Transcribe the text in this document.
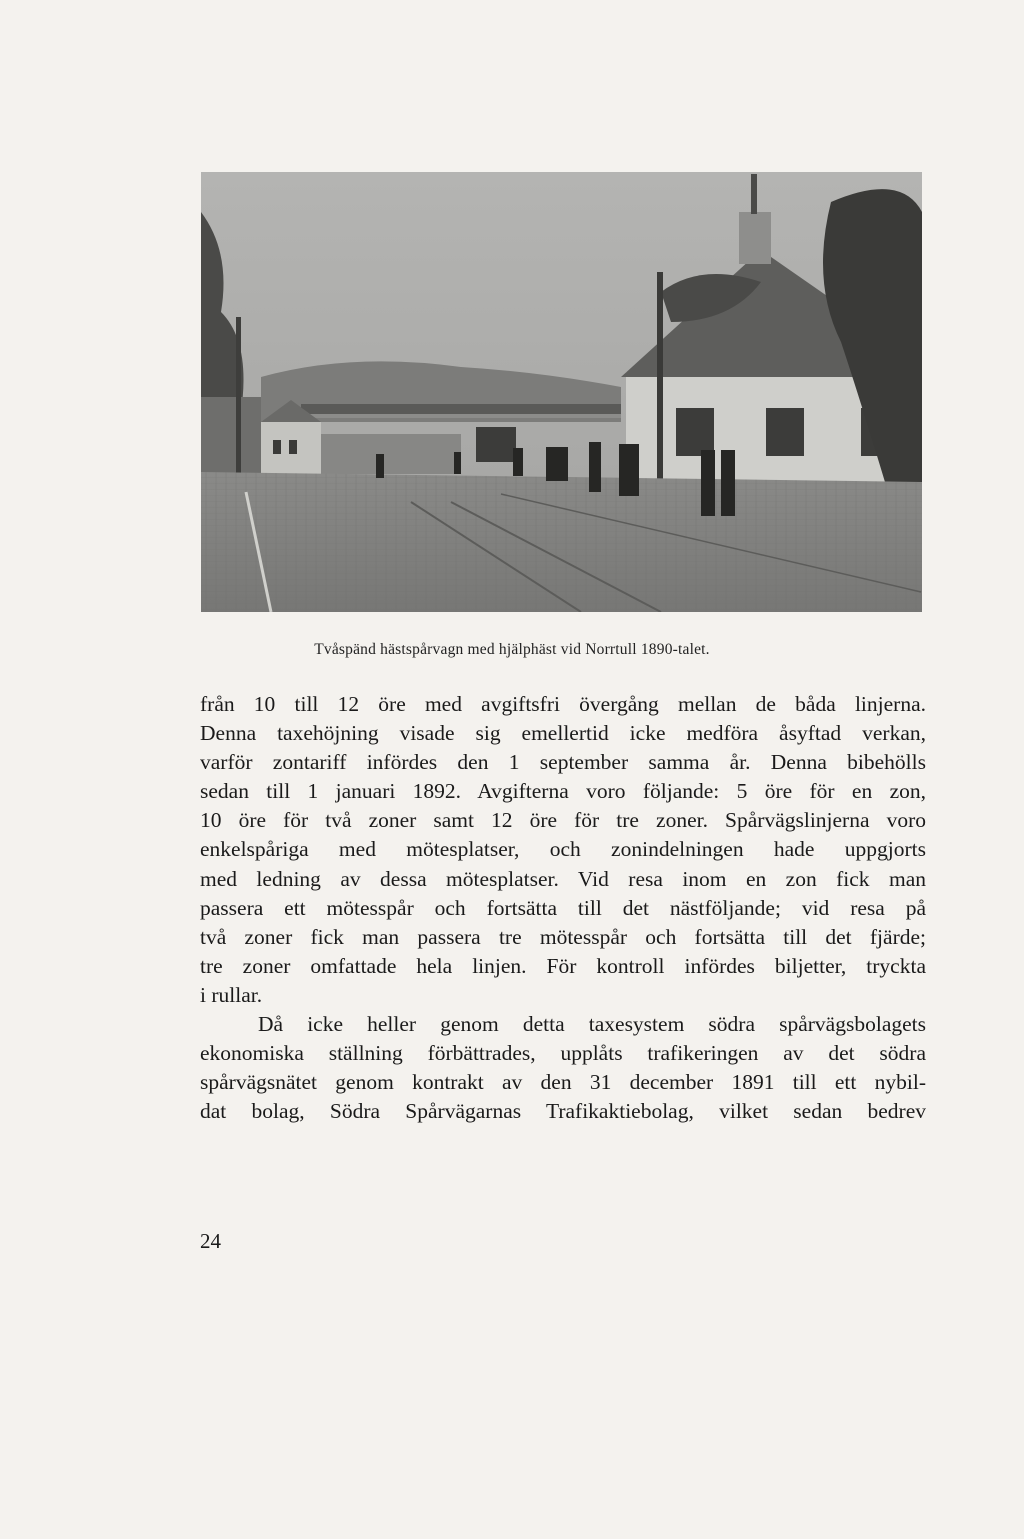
Tvåspänd hästspårvagn med hjälphäst vid Norrtull 1890-talet.

från 10 till 12 öre med avgiftsfri övergång mellan de båda linjerna.

Denna taxehöjning visade sig emellertid icke medföra åsyftad verkan,

varför zontariff infördes den 1 september samma år. Denna bibehölls

sedan till 1 januari 1892. Avgifterna voro följande: 5 öre för en zon,

10 öre för två zoner samt 12 öre för tre zoner. Spårvägslinjerna voro

enkelspåriga med mötesplatser, och zonindelningen hade uppgjorts

med ledning av dessa mötesplatser. Vid resa inom en zon fick man

passera ett mötesspår och fortsätta till det nästföljande; vid resa på

två zoner fick man passera tre mötesspår och fortsätta till det fjärde;

tre zoner omfattade hela linjen. För kontroll infördes biljetter, tryckta

i rullar.

Då icke heller genom detta taxesystem södra spårvägsbolagets

ekonomiska ställning förbättrades, upplåts trafikeringen av det södra

spårvägsnätet genom kontrakt av den 31 december 1891 till ett nybil-

dat bolag, Södra Spårvägarnas Trafikaktiebolag, vilket sedan bedrev

24
